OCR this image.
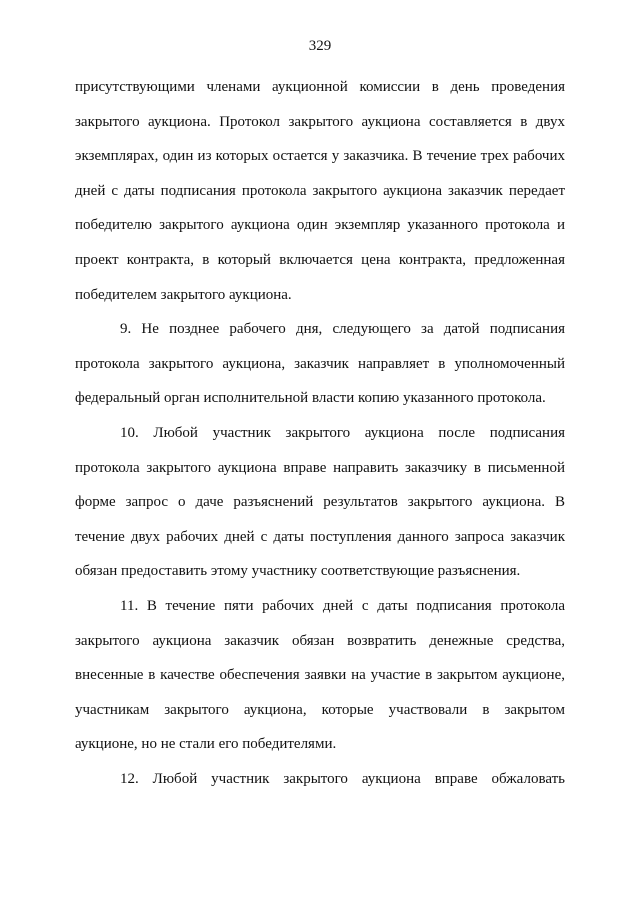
329
присутствующими членами аукционной комиссии в день проведения
закрытого аукциона. Протокол закрытого аукциона составляется в двух
экземплярах, один из которых остается у заказчика. В течение трех рабочих
дней с даты подписания протокола закрытого аукциона заказчик передает
победителю закрытого аукциона один экземпляр указанного протокола и
проект контракта, в который включается цена контракта, предложенная
победителем закрытого аукциона.
9. Не позднее рабочего дня, следующего за датой подписания
протокола закрытого аукциона, заказчик направляет в уполномоченный
федеральный орган исполнительной власти копию указанного протокола.
10. Любой участник закрытого аукциона после подписания
протокола закрытого аукциона вправе направить заказчику в письменной
форме запрос о даче разъяснений результатов закрытого аукциона. В
течение двух рабочих дней с даты поступления данного запроса заказчик
обязан предоставить этому участнику соответствующие разъяснения.
11. В течение пяти рабочих дней с даты подписания протокола
закрытого аукциона заказчик обязан возвратить денежные средства,
внесенные в качестве обеспечения заявки на участие в закрытом аукционе,
участникам закрытого аукциона, которые участвовали в закрытом
аукционе, но не стали его победителями.
12. Любой участник закрытого аукциона вправе обжаловать
